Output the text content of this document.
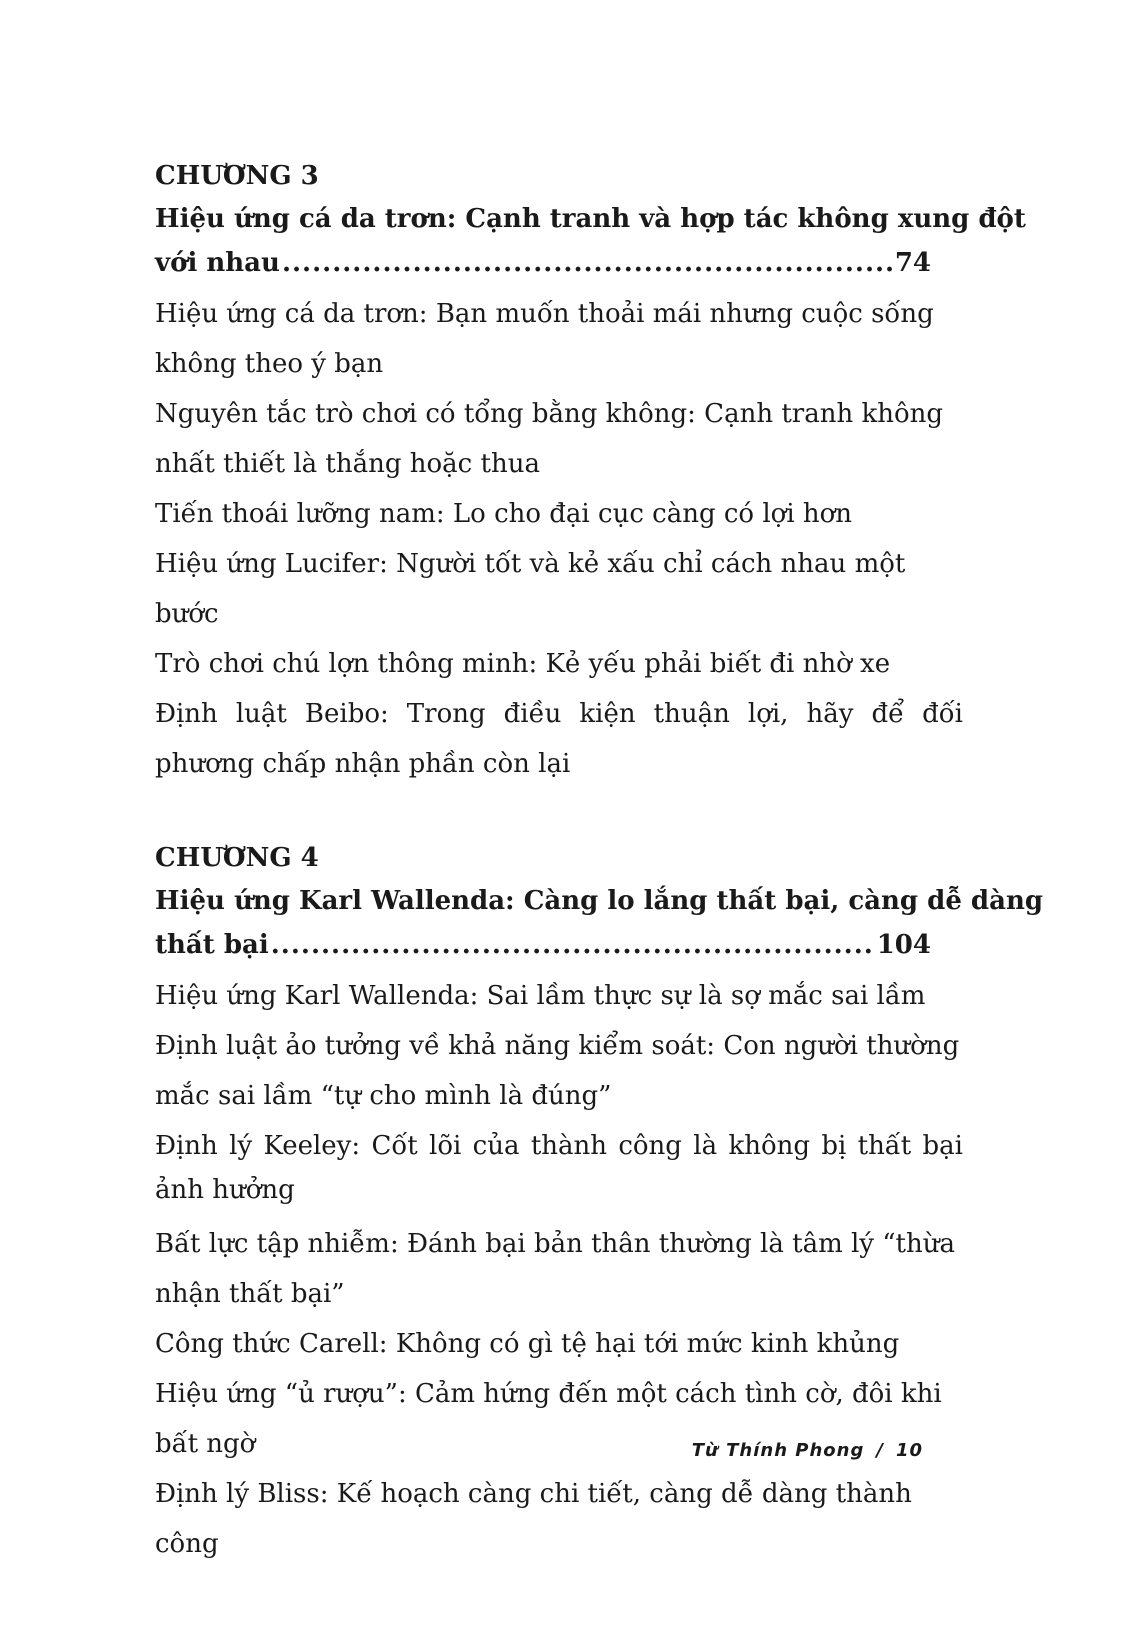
CHƯƠNG 3
Hiệu ứng cá da trơn: Cạnh tranh và hợp tác không xung đột
với nhau .....	74
Hiệu ứng cá da trơn: Bạn muốn thoải mái nhưng cuộc sống không theo ý bạn
Nguyên tắc trò chơi có tổng bằng không: Cạnh tranh không nhất thiết là thắng hoặc thua
Tiến thoái lưỡng nam: Lo cho đại cục càng có lợi hơn
Hiệu ứng Lucifer: Người tốt và kẻ xấu chỉ cách nhau một bước
Trò chơi chú lợn thông minh: Kẻ yếu phải biết đi nhờ xe
Định luật Beibo: Trong điều kiện thuận lợi, hãy để đối phương chấp nhận phần còn lại
CHƯƠNG 4
Hiệu ứng Karl Wallenda: Càng lo lắng thất bại, càng dễ dàng
thất bại .....	104
Hiệu ứng Karl Wallenda: Sai lầm thực sự là sợ mắc sai lầm
Định luật ảo tưởng về khả năng kiểm soát: Con người thường mắc sai lầm “tự cho mình là đúng”
Định lý Keeley: Cốt lõi của thành công là không bị thất bại ảnh hưởng
Bất lực tập nhiễm: Đánh bại bản thân thường là tâm lý “thừa nhận thất bại”
Công thức Carell: Không có gì tệ hại tới mức kinh khủng
Hiệu ứng “ủ rượu”: Cảm hứng đến một cách tình cờ, đôi khi bất ngờ
Định lý Bliss: Kế hoạch càng chi tiết, càng dễ dàng thành công
Từ Thính Phong / 10
